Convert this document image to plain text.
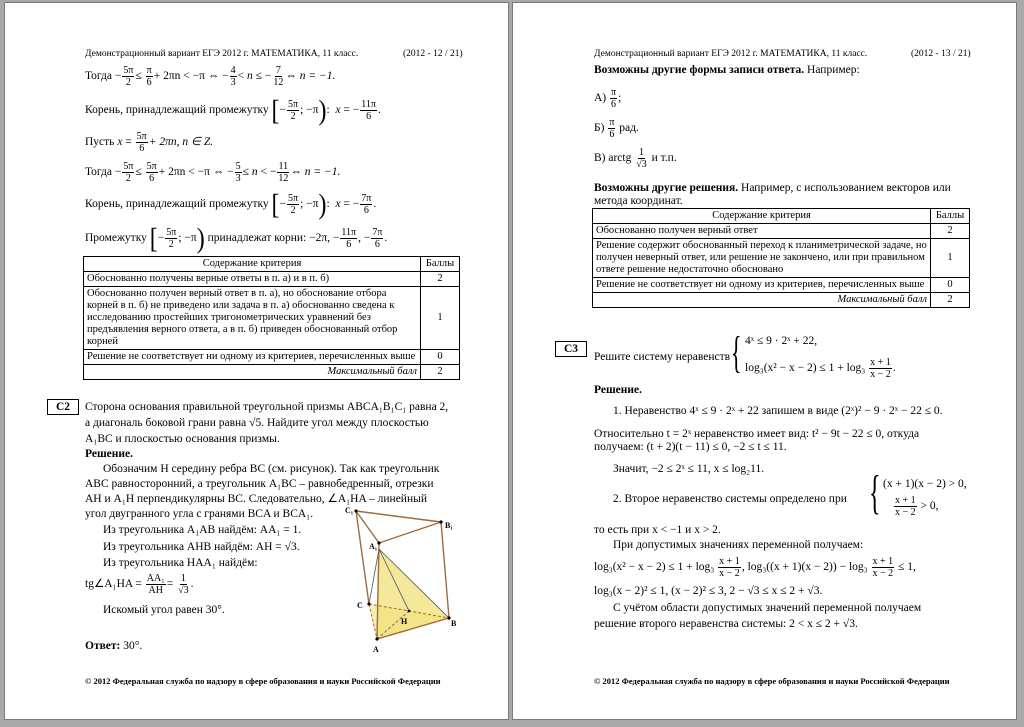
Демонстрационный вариант ЕГЭ 2012 г. МАТЕМАТИКА, 11 класс.	(2012 - 12 / 21)
Тогда − $\frac{5\pi}{2} \le \frac{\pi}{6} + 2\pi n < -\pi$ ⇔ − $\frac{4}{3} < n$ ≤ − $\frac{7}{12}$ ⇔ n = −1.
Корень, принадлежащий промежутку [− $\frac{5\pi}{2}$ ; −π):  x = − $\frac{11\pi}{6}$ .
Пусть $x = \frac{5\pi}{6} + 2\pi n$, n ∈ Z.
Тогда − $\frac{5\pi}{2} \le \frac{5\pi}{6} + 2\pi n < -\pi$ ⇔ − $\frac{5}{3} \le n$ < − $\frac{11}{12}$ ⇔ n = −1.
Корень, принадлежащий промежутку [− $\frac{5\pi}{2}$ ; −π):  x = − $\frac{7\pi}{6}$ .
Промежутку [− $\frac{5\pi}{2}$ ; −π) принадлежат корни: −2π, − $\frac{11\pi}{6}$ , − $\frac{7\pi}{6}$ .
Содержание критерия	Баллы
Обоснованно получены верные ответы в п. а) и в п. б)	2
Обоснованно получен верный ответ в п. а), но обоснование отбора корней в п. б) не приведено или задача в п. а) обоснованно сведена к исследованию простейших тригонометрических уравнений без предъявления верного ответа, а в п. б) приведен обоснованный отбор корней	1
Решение не соответствует ни одному из критериев, перечисленных выше	0
Максимальный балл	2
С2	Сторона основания правильной треугольной призмы ABCA₁B₁C₁ равна 2,
а диагональ боковой грани равна √5. Найдите угол между плоскостью
A₁BC и плоскостью основания призмы.
Решение.
Обозначим H середину ребра BC (см. рисунок). Так как треугольник
ABC равносторонний, а треугольник A₁BC – равнобедренный, отрезки
AH и A₁H перпендикулярны BC. Следовательно, ∠A₁HA – линейный
угол двугранного угла с гранями BCA и BCA₁.
Из треугольника A₁AB найдём: AA₁ = 1.
Из треугольника AHB найдём: AH = √3.
Из треугольника HAA₁ найдём:
tg∠A₁HA = $\frac{\text{AA₁}}{AH} = \frac{1}{√3}$ .
Искомый угол равен 30°.
Ответ: 30°.
C₁
B₁
A₁
C
H	B
A
© 2012 Федеральная служба по надзору в сфере образования и науки Российской Федерации
Демонстрационный вариант ЕГЭ 2012 г. МАТЕМАТИКА, 11 класс.	(2012 - 13 / 21)
Возможны другие формы записи ответа. Например:
$А) \frac{\pi}{6}$ ;
$Б) \frac{\pi}{6}$ рад.
В) arctg $\frac{1}{√3}$ и т.п.
Возможны другие решения. Например, с использованием векторов или
метода координат.
Содержание критерия	Баллы
Обоснованно получен верный ответ	2
Решение содержит обоснованный переход к планиметрической задаче, но получен неверный ответ, или решение не закончено, или при правильном ответе решение недостаточно обосновано	1
Решение не соответствует ни одному из критериев, перечисленных выше	0
Максимальный балл	2
С3
Решите систему неравенств { 4ˣ ≤ 9 · 2ˣ + 22,
$\log_3(x^2 - x - 2) \le 1 + \log_3 \frac{x + 1}{x - 2}$ .
Решение.
1. Неравенство 4ˣ ≤ 9 · 2ˣ + 22 запишем в виде (2ˣ)² − 9 · 2ˣ − 22 ≤ 0.
Относительно t = 2ˣ неравенство имеет вид: t² − 9t − 22 ≤ 0, откуда
получаем: (t + 2)(t − 11) ≤ 0, −2 ≤ t ≤ 11.
Значит, −2 ≤ 2ˣ ≤ 11, x ≤ log₂11.
2. Второе неравенство системы определено при { (x + 1)(x − 2) > 0,
$\frac{x + 1}{x - 2} > 0$,
то есть при x < −1 и x > 2.
При допустимых значениях переменной получаем:
$\log_3(x^2 - x - 2) \le 1 + \log_3 \frac{x + 1}{x - 2}$ , $\log_3((x + 1)(x - 2)) - \log_3 \frac{x + 1}{x - 2} \le 1$,
log₃(x − 2)² ≤ 1, (x − 2)² ≤ 3, 2 − √3 ≤ x ≤ 2 + √3.
С учётом области допустимых значений переменной получаем
решение второго неравенства системы: 2 < x ≤ 2 + √3.
© 2012 Федеральная служба по надзору в сфере образования и науки Российской Федерации
